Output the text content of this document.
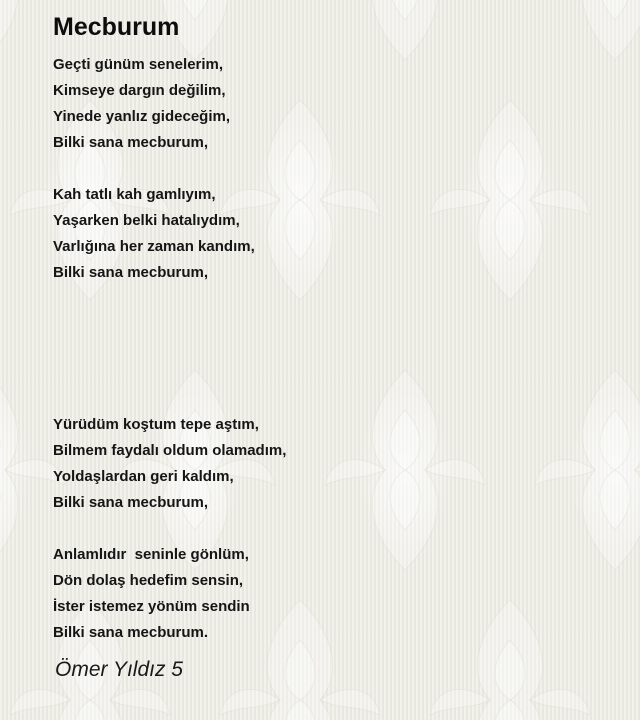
Mecburum
Geçti günüm senelerim,
Kimseye dargın değilim,
Yinede yanlız gideceğim,
Bilki sana mecburum,
Kah tatlı kah gamlıyım,
Yaşarken belki hatalıydım,
Varlığına her zaman kandım,
Bilki sana mecburum,
Yürüdüm koştum tepe aştım,
Bilmem faydalı oldum olamadım,
Yoldaşlardan geri kaldım,
Bilki sana mecburum,
Anlamlıdır  seninle gönlüm,
Dön dolaş hedefim sensin,
İster istemez yönüm sendin
Bilki sana mecburum.
Ömer Yıldız 5
